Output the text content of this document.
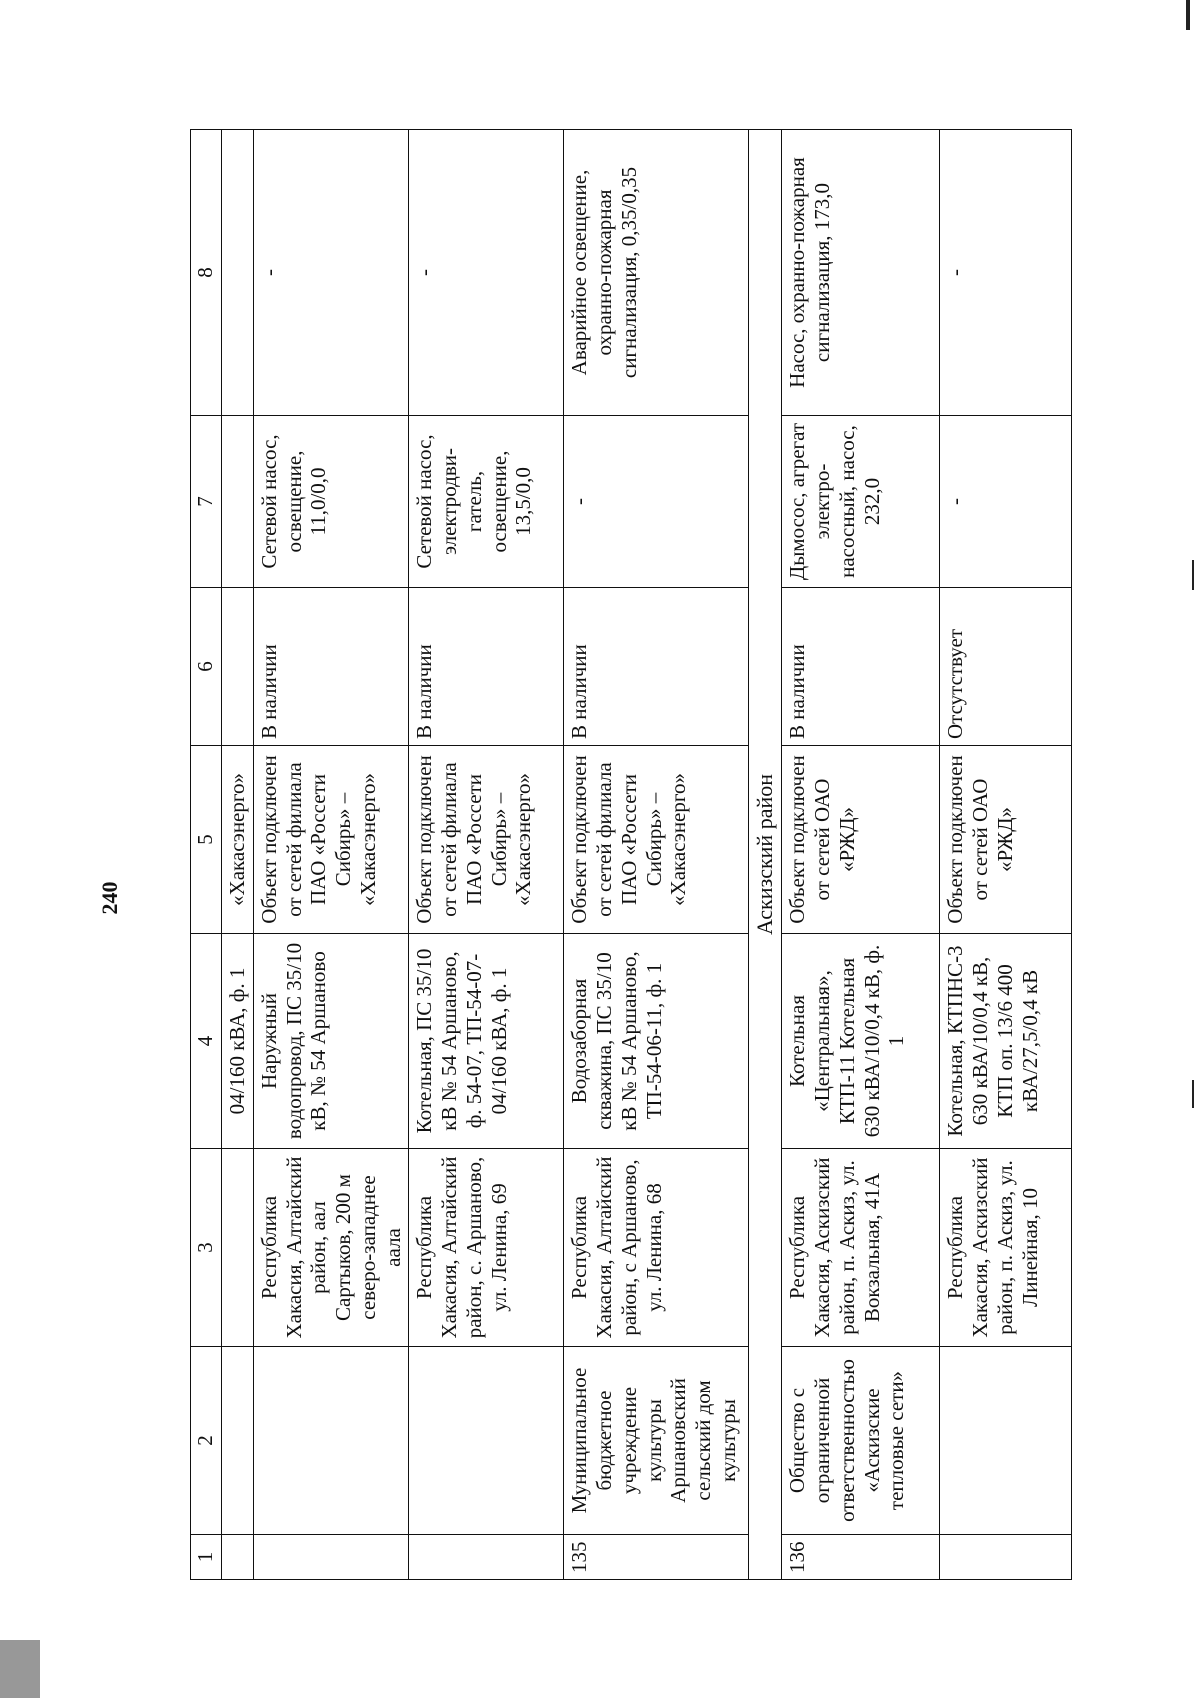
240
1	2	3	4	5	6	7	8
			04/160 кВА, ф. 1	«Хакасэнерго»			
		Республика Хакасия, Алтайский район, аал Сартыков, 200 м северо-западнее аала	Наружный водопровод, ПС 35/10 кВ, № 54 Аршаново	Объект подключен от сетей филиала ПАО «Россети Сибирь» – «Хакасэнерго»	В наличии	Сетевой насос, освещение, 11,0/0,0	-
		Республика Хакасия, Алтайский район, с. Аршаново, ул. Ленина, 69	Котельная, ПС 35/10 кВ № 54 Аршаново, ф. 54-07, ТП-54-07-04/160 кВА, ф. 1	Объект подключен от сетей филиала ПАО «Россети Сибирь» – «Хакасэнерго»	В наличии	Сетевой насос, электродви-гатель, освещение, 13,5/0,0	-
135	Муниципальное бюджетное учреждение культуры Аршановский сельский дом культуры	Республика Хакасия, Алтайский район, с Аршаново, ул. Ленина, 68	Водозаборная скважина, ПС 35/10 кВ № 54 Аршаново, ТП-54-06-11, ф. 1	Объект подключен от сетей филиала ПАО «Россети Сибирь» – «Хакасэнерго»	В наличии	-	Аварийное освещение, охранно-пожарная сигнализация, 0,35/0,35
Аскизский район							
136	Общество с ограниченной ответственностью «Аскизские тепловые сети»	Республика Хакасия, Аскизский район, п. Аскиз, ул. Вокзальная, 41А	Котельная «Центральная», КТП-11 Котельная 630 кВА/10/0,4 кВ, ф. 1	Объект подключен от сетей ОАО «РЖД»	В наличии	Дымосос, агрегат электро-насосный, насос, 232,0	Насос, охранно-пожарная сигнализация, 173,0
		Республика Хакасия, Аскизский район, п. Аскиз, ул. Линейная, 10	Котельная, КТПНС-3 630 кВА/10/0,4 кВ, КТП оп. 13/6 400 кВА/27,5/0,4 кВ	Объект подключен от сетей ОАО «РЖД»	Отсутствует	-	-
